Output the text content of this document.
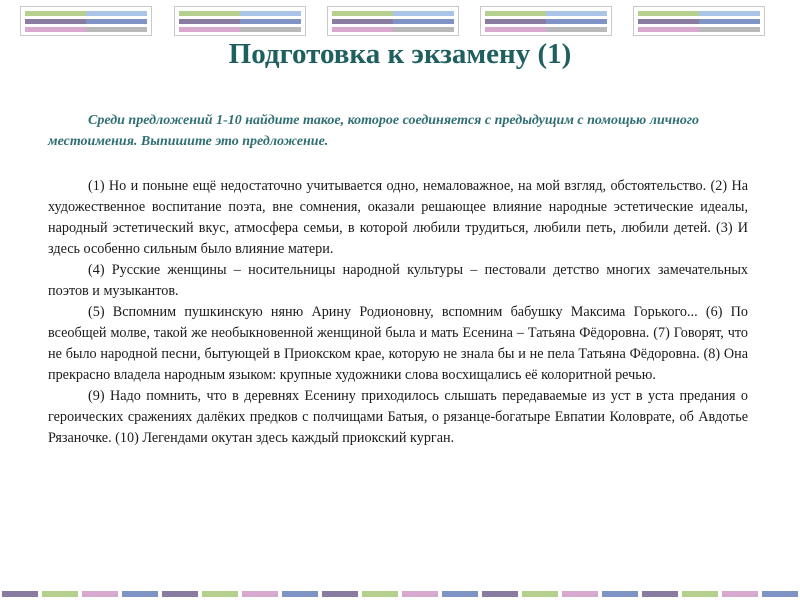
Подготовка к экзамену (1)
Среди предложений 1-10 найдите такое, которое соединяется с предыдущим с помощью личного местоимения. Выпишите это предложение.

(1) Но и поныне ещё недостаточно учитывается одно, немаловажное, на мой взгляд, обстоятельство. (2) На художественное воспитание поэта, вне сомнения, оказали решающее влияние народные эстетические идеалы, народный эстетический вкус, атмосфера семьи, в которой любили трудиться, любили петь, любили детей. (3) И здесь особенно сильным было влияние матери.

(4) Русские женщины – носительницы народной культуры – пестовали детство многих замечательных поэтов и музыкантов.

(5) Вспомним пушкинскую няню Арину Родионовну, вспомним бабушку Максима Горького... (6) По всеобщей молве, такой же необыкновенной женщиной была и мать Есенина – Татьяна Фёдоровна. (7) Говорят, что не было народной песни, бытующей в Приокском крае, которую не знала бы и не пела Татьяна Фёдоровна. (8) Она прекрасно владела народным языком: крупные художники слова восхищались её колоритной речью.

(9) Надо помнить, что в деревнях Есенину приходилось слышать передаваемые из уст в уста предания о героических сражениях далёких предков с полчищами Батыя, о рязанце-богатыре Евпатии Коловрате, об Авдотье Рязаночке. (10) Легендами окутан здесь каждый приокский курган.
